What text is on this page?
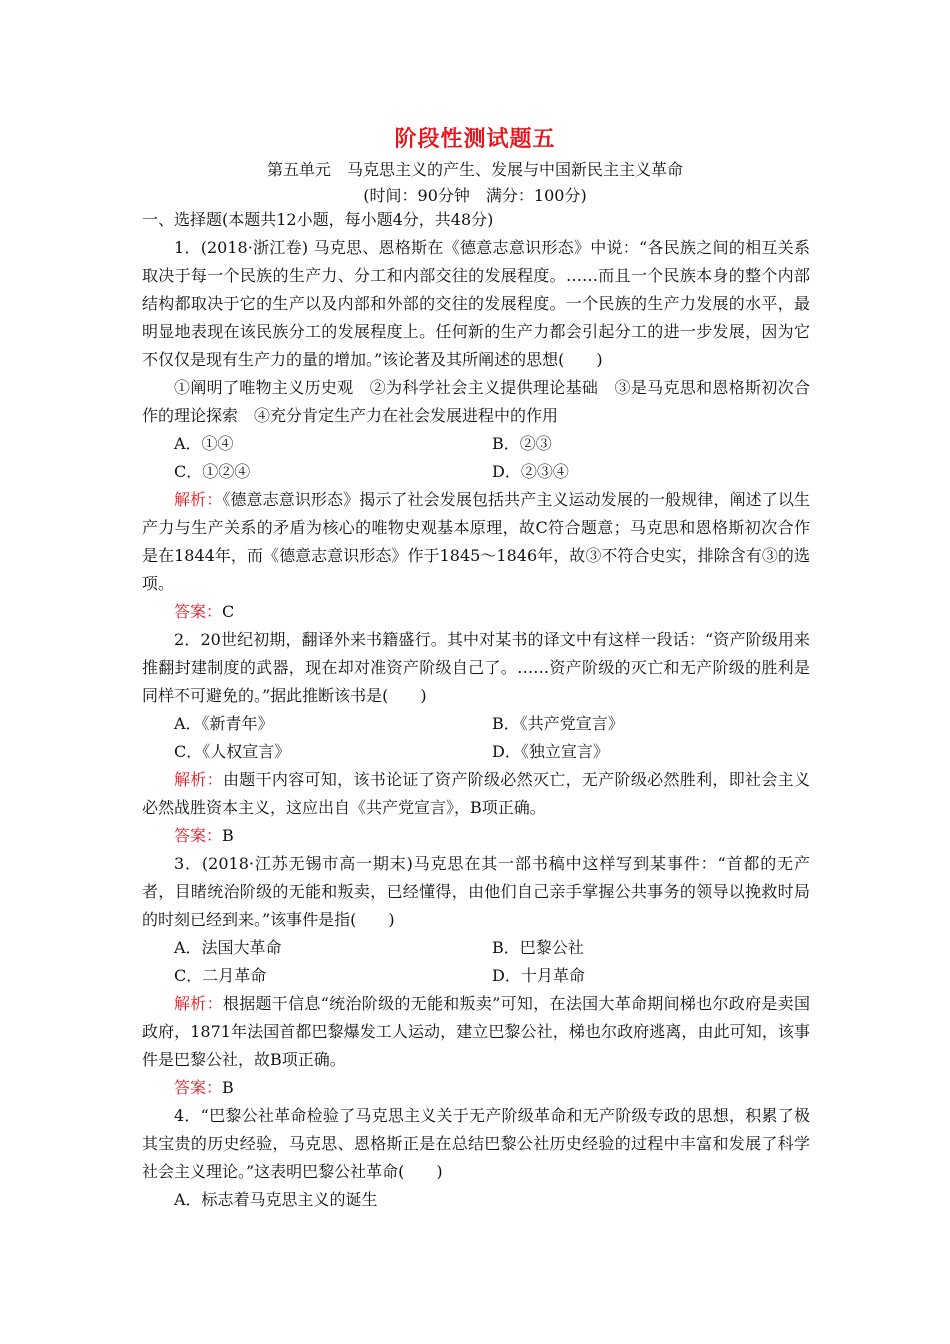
阶段性测试题五
第五单元　马克思主义的产生、发展与中国新民主主义革命
(时间：90分钟　满分：100分)

一、选择题(本题共12小题，每小题4分，共48分)

1．(2018·浙江卷) 马克思、恩格斯在《德意志意识形态》中说：“各民族之间的相互关系取决于每一个民族的生产力、分工和内部交往的发展程度。……而且一个民族本身的整个内部结构都取决于它的生产以及内部和外部的交往的发展程度。一个民族的生产力发展的水平，最明显地表现在该民族分工的发展程度上。任何新的生产力都会引起分工的进一步发展，因为它不仅仅是现有生产力的量的增加。”该论著及其所阐述的思想(　　)

①阐明了唯物主义历史观　②为科学社会主义提供理论基础　③是马克思和恩格斯初次合作的理论探索　④充分肯定生产力在社会发展进程中的作用

A．①④	B．②③
C．①②④	D．②③④

解析：《德意志意识形态》揭示了社会发展包括共产主义运动发展的一般规律，阐述了以生产力与生产关系的矛盾为核心的唯物史观基本原理，故C符合题意；马克思和恩格斯初次合作是在1844年，而《德意志意识形态》作于1845～1846年，故③不符合史实，排除含有③的选项。

答案：C

2．20世纪初期，翻译外来书籍盛行。其中对某书的译文中有这样一段话：“资产阶级用来推翻封建制度的武器，现在却对准资产阶级自己了。……资产阶级的灭亡和无产阶级的胜利是同样不可避免的。”据此推断该书是(　　)

A．《新青年》	B．《共产党宣言》
C．《人权宣言》	D．《独立宣言》

解析：由题干内容可知，该书论证了资产阶级必然灭亡，无产阶级必然胜利，即社会主义必然战胜资本主义，这应出自《共产党宣言》，B项正确。

答案：B

3．(2018·江苏无锡市高一期末)马克思在其一部书稿中这样写到某事件：“首都的无产者，目睹统治阶级的无能和叛卖，已经懂得，由他们自己亲手掌握公共事务的领导以挽救时局的时刻已经到来。”该事件是指(　　)

A．法国大革命	B．巴黎公社
C．二月革命	D．十月革命

解析：根据题干信息“统治阶级的无能和叛卖”可知，在法国大革命期间梯也尔政府是卖国政府，1871年法国首都巴黎爆发工人运动，建立巴黎公社，梯也尔政府逃离，由此可知，该事件是巴黎公社，故B项正确。

答案：B

4．“巴黎公社革命检验了马克思主义关于无产阶级革命和无产阶级专政的思想，积累了极其宝贵的历史经验，马克思、恩格斯正是在总结巴黎公社历史经验的过程中丰富和发展了科学社会主义理论。”这表明巴黎公社革命(　　)

A．标志着马克思主义的诞生
